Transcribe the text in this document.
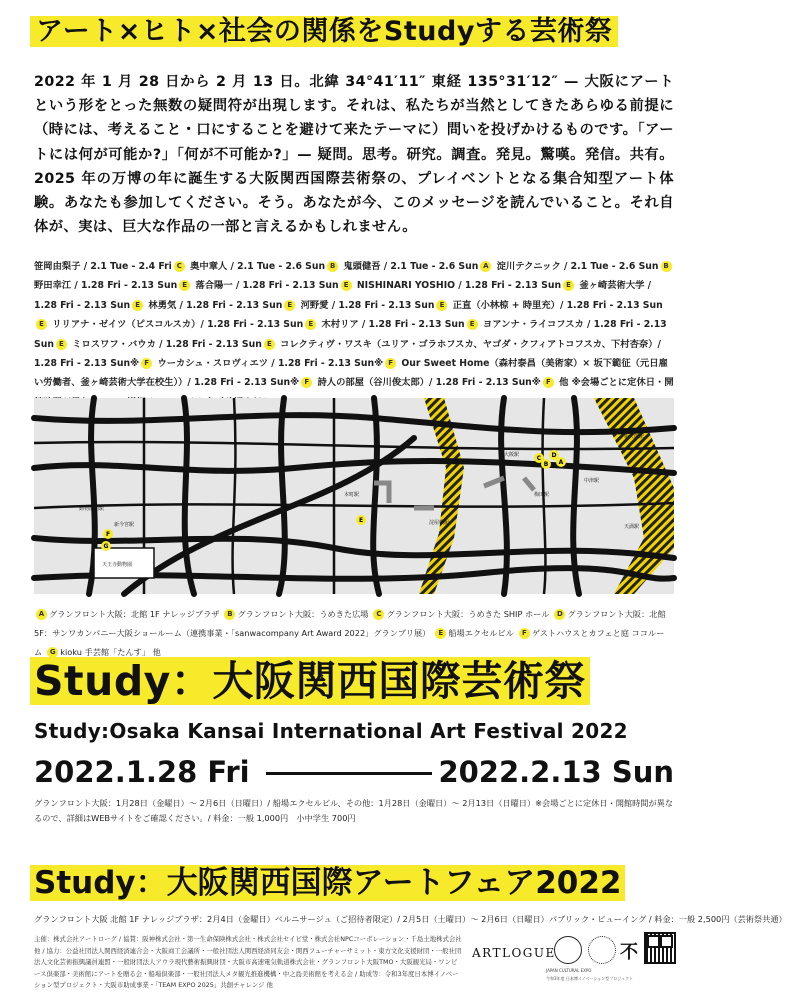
アート×ヒト×社会の関係をStudyする芸術祭

2022 年 1 月 28 日から 2 月 13 日。北緯 34°41′11″ 東経 135°31′12″ — 大阪にアートという形をとった無数の疑問符が出現します。それは、私たちが当然としてきたあらゆる前提に（時には、考えること・口にすることを避けて来たテーマに）問いを投げかけるものです。「アートには何が可能か?」「何が不可能か?」— 疑問。思考。研究。調査。発見。驚嘆。発信。共有。2025 年の万博の年に誕生する大阪関西国際芸術祭の、プレイベントとなる集合知型アート体験。あなたも参加してください。そう。あなたが今、このメッセージを読んでいること。それ自体が、実は、巨大な作品の一部と言えるかもしれません。

笹岡由梨子 / 2.1 Tue - 2.4 Fri C 奥中章人 / 2.1 Tue - 2.6 Sun B 鬼頭健吾 / 2.1 Tue - 2.6 Sun A 淀川テクニック / 2.1 Tue - 2.6 Sun B 野田幸江 / 1.28 Fri - 2.13 Sun E 落合陽一 / 1.28 Fri - 2.13 Sun E NISHINARI YOSHIO / 1.28 Fri - 2.13 Sun E 釜ヶ崎芸術大学 / 1.28 Fri - 2.13 Sun E 林勇気 / 1.28 Fri - 2.13 Sun E 河野愛 / 1.28 Fri - 2.13 Sun E 正直（小林椋 + 時里充）/ 1.28 Fri - 2.13 SunE リリアナ・ゼイツ（ピスコルスカ）/ 1.28 Fri - 2.13 Sun E 木村リア / 1.28 Fri - 2.13 Sun E ヨアンナ・ライコフスカ / 1.28 Fri - 2.13 Sun E ミロスワフ・バウカ / 1.28 Fri - 2.13 Sun E コレクティヴ・ワスキ（ユリア・ゴラホフスカ、ヤゴダ・クフィアトコフスカ、下村杏奈）/ 1.28 Fri - 2.13 Sun※ F ウーカシュ・スロヴィエツ / 1.28 Fri - 2.13 Sun※ F Our Sweet Home（森村泰昌（美術家）× 坂下範征（元日雇い労働者、釜ヶ崎芸術大学在校生））/ 1.28 Fri - 2.13 Sun※ F 詩人の部屋（谷川俊太郎）/ 1.28 Fri - 2.13 Sun※ F 他 ※会場ごとに定休日・開
天王寺動物園
動物園前駅
新今宮駅
本町駅
淀屋橋駅
大阪駅
梅田駅
中津駅
新大阪駅
天満駅
A
B
C D
E
F
G
A グランフロント大阪：北館 1F ナレッジプラザ B グランフロント大阪：うめきた広場 C グランフロント大阪：うめきた SHIP ホール D グランフロント大阪：北館 5F：サンワカンパニー大阪ショールーム（連携事業・「sanwacompany Art Award 2022」グランプリ展） E 船場エクセルビル F ゲストハウスとカフェと庭 ココルーム G kioku 手芸館「たんす」 他
Study：大阪関西国際芸術祭
Study:Osaka Kansai International Art Festival 2022
2022.1.28 Fri	2022.2.13 Sun

グランフロント大阪：1月28日（金曜日）〜 2月6日（日曜日）/ 船場エクセルビル、その他：1月28日（金曜日）〜 2月13日（日曜日）※会場ごとに定休日・開館時間が異なるので、詳細はWEBサイトをご確認ください。/ 料金：一般 1,000円　小中学生 700円

Study：大阪関西国際アートフェア2022

グランフロント大阪 北館 1F ナレッジプラザ：2月4日（金曜日）ベルニサージュ（ご招待者限定）/ 2月5日（土曜日）〜 2月6日（日曜日）パブリック・ビューイング / 料金：一般 2,500円（芸術祭共通）

主催：株式会社アートローグ / 協賛：阪神株式会社・第一生命保険株式会社・株式会社セイビ堂・株式会社NPCコーポレーション・千島土地株式会社 他 / 協力：公益社団法人関西経済連合会・大阪商工会議所・一般社団法人関西経済同友会・関西フューチャーサミット・東方文化支援財団・一般社団法人文化芸術振興議員連盟・一般財団法人アウラ現代藝術振興財団・大阪市高速電気軌道株式会社・グランフロント大阪TMO・大阪観光局・ワンピース倶楽部・美術館にアートを贈る会・船場倶楽部・一般社団法人メタ観光推進機構・中之島美術館を考える会 / 助成等：令和3年度日本博イノベーション型プロジェクト・大阪市助成事業・「TEAM EXPO 2025」共創チャレンジ 他

ARTLOGUE
JAPAN CULTURAL EXPO
令和3年度 日本博イノベーション型プロジェクト
不
